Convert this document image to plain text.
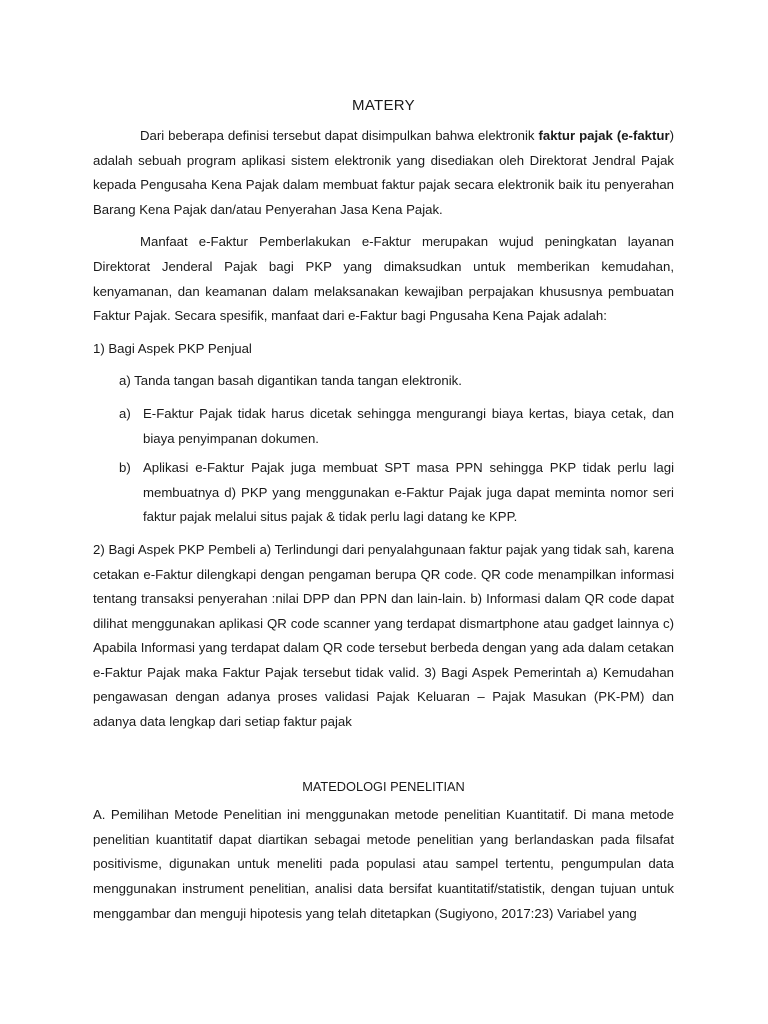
MATERY

Dari beberapa definisi tersebut dapat disimpulkan bahwa elektronik faktur pajak (e-faktur) adalah sebuah program aplikasi sistem elektronik yang disediakan oleh Direktorat Jendral Pajak kepada Pengusaha Kena Pajak dalam membuat faktur pajak secara elektronik baik itu penyerahan Barang Kena Pajak dan/atau Penyerahan Jasa Kena Pajak.

Manfaat e-Faktur Pemberlakukan e-Faktur merupakan wujud peningkatan layanan Direktorat Jenderal Pajak bagi PKP yang dimaksudkan untuk memberikan kemudahan, kenyamanan, dan keamanan dalam melaksanakan kewajiban perpajakan khususnya pembuatan Faktur Pajak. Secara spesifik, manfaat dari e-Faktur bagi Pngusaha Kena Pajak adalah:

1) Bagi Aspek PKP Penjual

a) Tanda tangan basah digantikan tanda tangan elektronik.

a) E-Faktur Pajak tidak harus dicetak sehingga mengurangi biaya kertas, biaya cetak, dan biaya penyimpanan dokumen.
b) Aplikasi e-Faktur Pajak juga membuat SPT masa PPN sehingga PKP tidak perlu lagi membuatnya d) PKP yang menggunakan e-Faktur Pajak juga dapat meminta nomor seri faktur pajak melalui situs pajak & tidak perlu lagi datang ke KPP.

2) Bagi Aspek PKP Pembeli a) Terlindungi dari penyalahgunaan faktur pajak yang tidak sah, karena cetakan e-Faktur dilengkapi dengan pengaman berupa QR code. QR code menampilkan informasi tentang transaksi penyerahan :nilai DPP dan PPN dan lain-lain. b) Informasi dalam QR code dapat dilihat menggunakan aplikasi QR code scanner yang terdapat dismartphone atau gadget lainnya c) Apabila Informasi yang terdapat dalam QR code tersebut berbeda dengan yang ada dalam cetakan e-Faktur Pajak maka Faktur Pajak tersebut tidak valid. 3) Bagi Aspek Pemerintah a) Kemudahan pengawasan dengan adanya proses validasi Pajak Keluaran – Pajak Masukan (PK-PM) dan adanya data lengkap dari setiap faktur pajak

MATEDOLOGI PENELITIAN

A. Pemilihan Metode Penelitian ini menggunakan metode penelitian Kuantitatif. Di mana metode penelitian kuantitatif dapat diartikan sebagai metode penelitian yang berlandaskan pada filsafat positivisme, digunakan untuk meneliti pada populasi atau sampel tertentu, pengumpulan data menggunakan instrument penelitian, analisi data bersifat kuantitatif/statistik, dengan tujuan untuk menggambar dan menguji hipotesis yang telah ditetapkan (Sugiyono, 2017:23) Variabel yang
